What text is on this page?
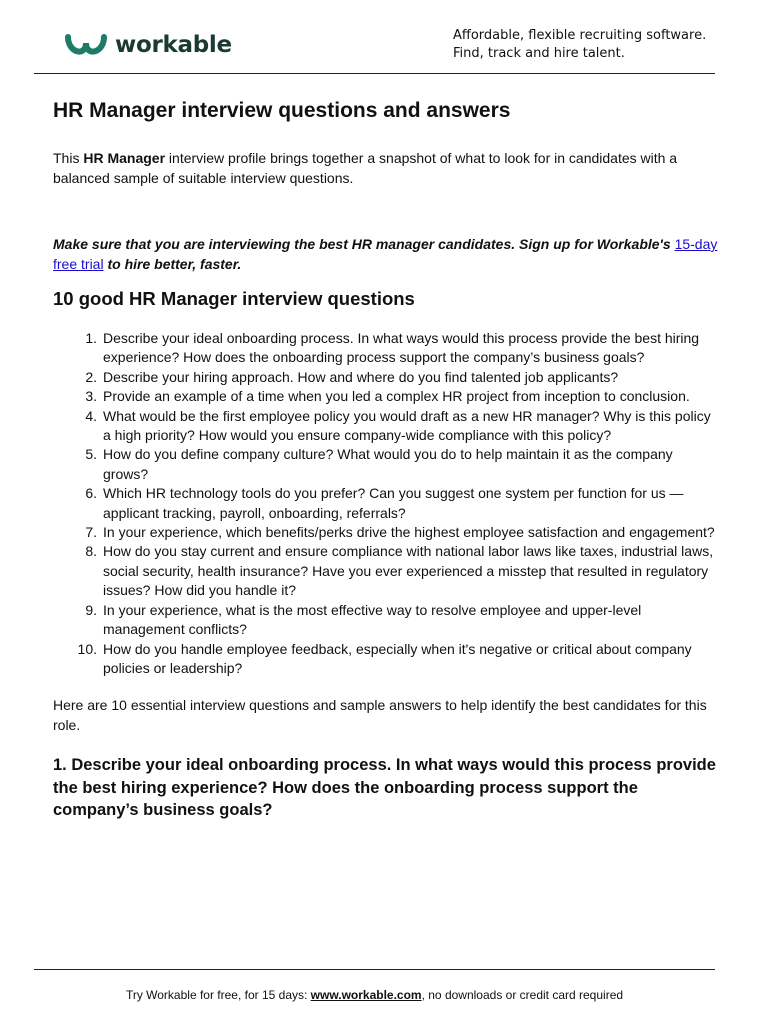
workable	Affordable, flexible recruiting software.
Find, track and hire talent.
HR Manager interview questions and answers

This HR Manager interview profile brings together a snapshot of what to look for in candidates with a balanced sample of suitable interview questions.

Make sure that you are interviewing the best HR manager candidates. Sign up for Workable's 15-day free trial to hire better, faster.

10 good HR Manager interview questions
1. Describe your ideal onboarding process. In what ways would this process provide the best hiring experience? How does the onboarding process support the company’s business goals?
2. Describe your hiring approach. How and where do you find talented job applicants?
3. Provide an example of a time when you led a complex HR project from inception to conclusion.
4. What would be the first employee policy you would draft as a new HR manager? Why is this policy a high priority? How would you ensure company-wide compliance with this policy?
5. How do you define company culture? What would you do to help maintain it as the company grows?
6. Which HR technology tools do you prefer? Can you suggest one system per function for us — applicant tracking, payroll, onboarding, referrals?
7. In your experience, which benefits/perks drive the highest employee satisfaction and engagement?
8. How do you stay current and ensure compliance with national labor laws like taxes, industrial laws, social security, health insurance? Have you ever experienced a misstep that resulted in regulatory issues? How did you handle it?
9. In your experience, what is the most effective way to resolve employee and upper-level management conflicts?
10. How do you handle employee feedback, especially when it's negative or critical about company policies or leadership?

Here are 10 essential interview questions and sample answers to help identify the best candidates for this role.

1. Describe your ideal onboarding process. In what ways would this process provide the best hiring experience? How does the onboarding process support the company’s business goals?
Try Workable for free, for 15 days: www.workable.com, no downloads or credit card required
